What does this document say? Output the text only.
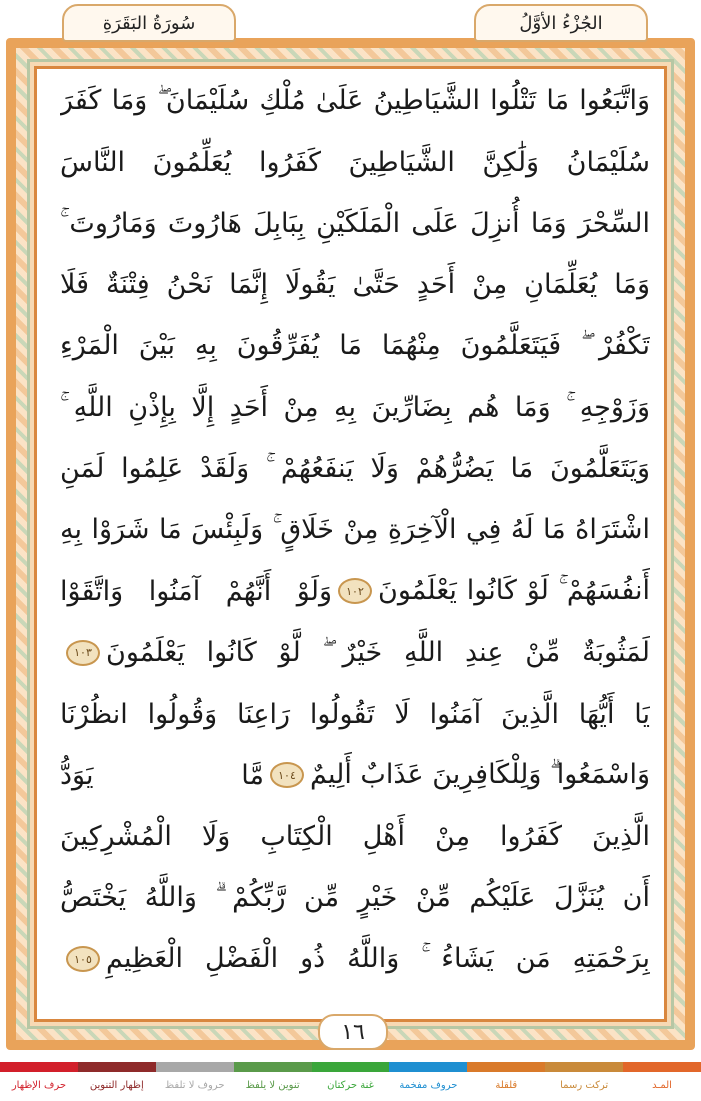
سُورَةُ البَقَرَةِ	الجُزْءُ الأوَّلُ
وَاتَّبَعُوا مَا تَتْلُوا الشَّيَاطِينُ عَلَىٰ مُلْكِ سُلَيْمَانَ ۖ وَمَا كَفَرَ
سُلَيْمَانُ وَلَٰكِنَّ الشَّيَاطِينَ كَفَرُوا يُعَلِّمُونَ النَّاسَ
السِّحْرَ وَمَا أُنزِلَ عَلَى الْمَلَكَيْنِ بِبَابِلَ هَارُوتَ وَمَارُوتَ ۚ
وَمَا يُعَلِّمَانِ مِنْ أَحَدٍ حَتَّىٰ يَقُولَا إِنَّمَا نَحْنُ فِتْنَةٌ فَلَا
تَكْفُرْ ۖ فَيَتَعَلَّمُونَ مِنْهُمَا مَا يُفَرِّقُونَ بِهِ بَيْنَ الْمَرْءِ
وَزَوْجِهِ ۚ وَمَا هُم بِضَارِّينَ بِهِ مِنْ أَحَدٍ إِلَّا بِإِذْنِ اللَّهِ ۚ
وَيَتَعَلَّمُونَ مَا يَضُرُّهُمْ وَلَا يَنفَعُهُمْ ۚ وَلَقَدْ عَلِمُوا لَمَنِ
اشْتَرَاهُ مَا لَهُ فِي الْآخِرَةِ مِنْ خَلَاقٍ ۚ وَلَبِئْسَ مَا شَرَوْا بِهِ
أَنفُسَهُمْ ۚ لَوْ كَانُوا يَعْلَمُونَ
١٠٢
وَلَوْ أَنَّهُمْ آمَنُوا وَاتَّقَوْا
لَمَثُوبَةٌ مِّنْ عِندِ اللَّهِ خَيْرٌ ۖ لَّوْ كَانُوا يَعْلَمُونَ
١٠٣
يَا أَيُّهَا الَّذِينَ آمَنُوا لَا تَقُولُوا رَاعِنَا وَقُولُوا انظُرْنَا
وَاسْمَعُوا ۗ وَلِلْكَافِرِينَ عَذَابٌ أَلِيمٌ
١٠٤
مَّا يَوَدُّ
الَّذِينَ كَفَرُوا مِنْ أَهْلِ الْكِتَابِ وَلَا الْمُشْرِكِينَ
أَن يُنَزَّلَ عَلَيْكُم مِّنْ خَيْرٍ مِّن رَّبِّكُمْ ۗ وَاللَّهُ يَخْتَصُّ
بِرَحْمَتِهِ مَن يَشَاءُ ۚ وَاللَّهُ ذُو الْفَضْلِ الْعَظِيمِ
١٠٥
١٦
المـد
تركت رسما
قلقلة
حروف مفخمة
غنة حركتان
تنوين لا يلفظ
حروف لا تلفظ
إظهار التنوين
حرف الإظهار
